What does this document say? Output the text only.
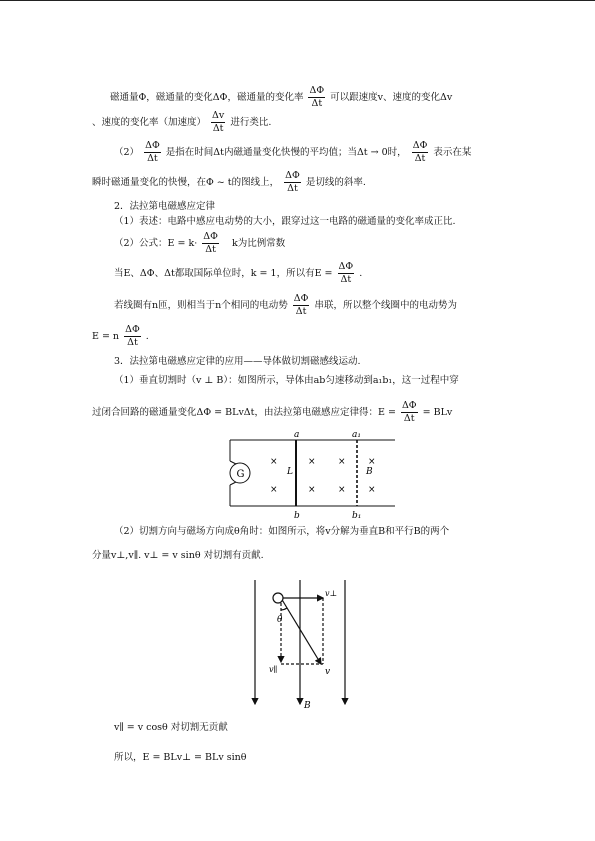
磁通量Φ，磁通量的变化ΔΦ，磁通量的变化率 $\frac{\Delta\Phi}{\Delta t}$ 可以跟速度v、速度的变化Δv
、速度的变化率（加速度） $\frac{\Delta v}{\Delta t}$ 进行类比.
$(2) \frac{\Delta\Phi}{\Delta t}$ 是指在时间Δt内磁通量变化快慢的平均值；当Δt → 0时， $\frac{\Delta\Phi}{\Delta t}$ 表示在某
瞬时磁通量变化的快慢，在Φ ~ t的图线上， $\frac{\Delta\Phi}{\Delta t}$ 是切线的斜率.
2．法拉第电磁感应定律
（1）表述：电路中感应电动势的大小，跟穿过这一电路的磁通量的变化率成正比.
（2）公式：$E = k\cdot \frac{\Delta\Phi}{\Delta t}$ k为比例常数
当E、ΔΦ、Δt都取国际单位时，k = 1，所以有$E = \frac{\Delta\Phi}{\Delta t}$ .
若线圈有n匝，则相当于n个相同的电动势 $\frac{\Delta\Phi}{\Delta t}$ 串联，所以整个线圈中的电动势为
E = n $\frac{\Delta\Phi}{\Delta t}$ .
3．法拉第电磁感应定律的应用——导体做切割磁感线运动.
（1）垂直切割时（v ⊥ B）：如图所示，导体由ab匀速移动到a₁b₁，这一过程中穿
过闭合回路的磁通量变化ΔΦ = BLvΔt，由法拉第电磁感应定律得：$E = \frac{\Delta\Phi}{\Delta t}$ = BLv
G
a
b
a₁
b₁
L	B
×
×
×
×
×
×
×
×
（2）切割方向与磁场方向成θ角时：如图所示，将v分解为垂直B和平行B的两个
分量v⊥,v∥. v⊥ = v sinθ 对切割有贡献.
v⊥
v∥	v
θ
B
v∥ = v cosθ 对切割无贡献
所以，E = BLv⊥ = BLv sinθ
